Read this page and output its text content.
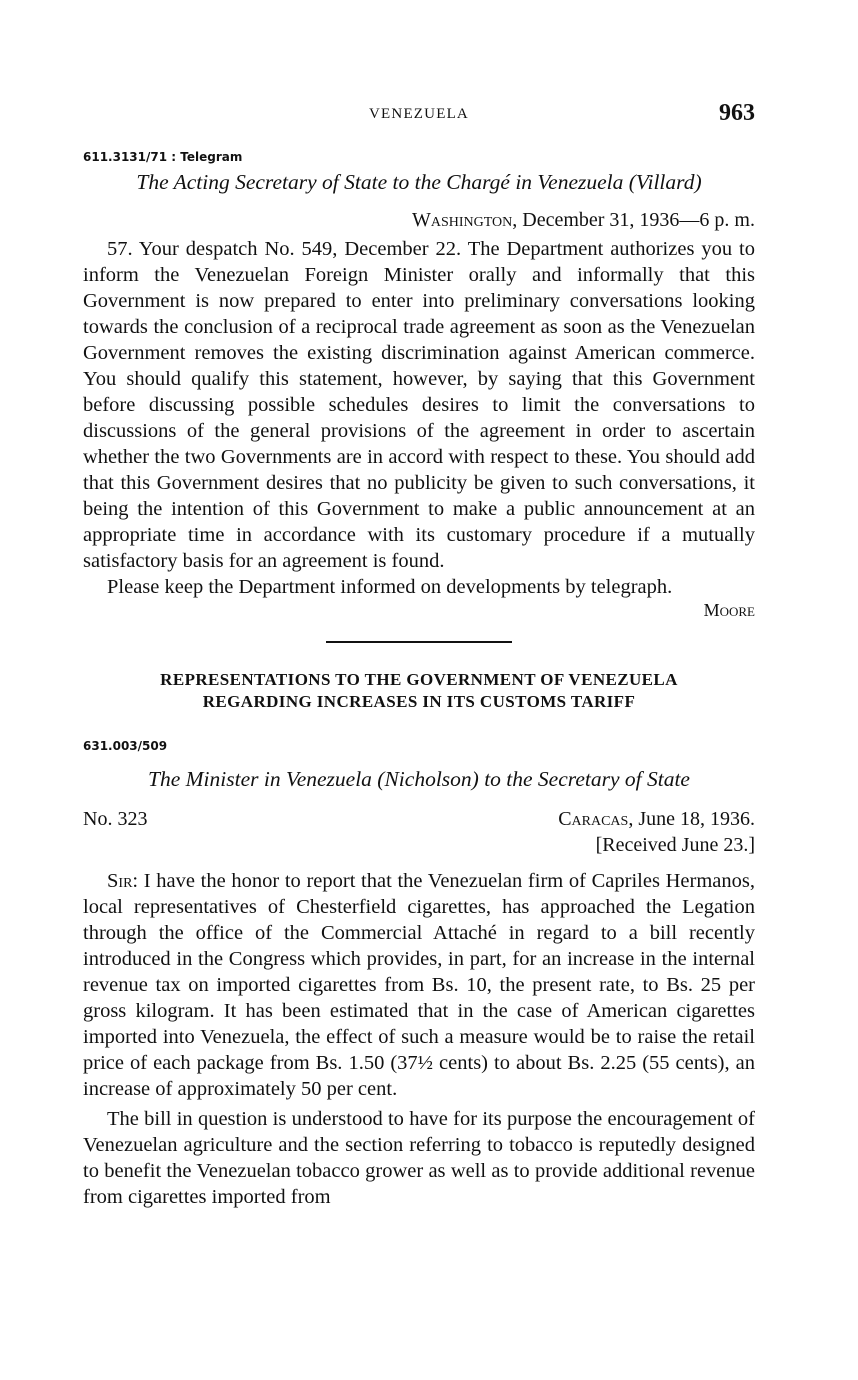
VENEZUELA	963
611.3131/71 : Telegram
The Acting Secretary of State to the Chargé in Venezuela (Villard)
Washington, December 31, 1936—6 p. m.

57. Your despatch No. 549, December 22. The Department authorizes you to inform the Venezuelan Foreign Minister orally and informally that this Government is now prepared to enter into preliminary conversations looking towards the conclusion of a reciprocal trade agreement as soon as the Venezuelan Government removes the existing discrimination against American commerce. You should qualify this statement, however, by saying that this Government before discussing possible schedules desires to limit the conversations to discussions of the general provisions of the agreement in order to ascertain whether the two Governments are in accord with respect to these. You should add that this Government desires that no publicity be given to such conversations, it being the intention of this Government to make a public announcement at an appropriate time in accordance with its customary procedure if a mutually satisfactory basis for an agreement is found.

Please keep the Department informed on developments by telegraph.

Moore
REPRESENTATIONS TO THE GOVERNMENT OF VENEZUELA
REGARDING INCREASES IN ITS CUSTOMS TARIFF
631.003/509
The Minister in Venezuela (Nicholson) to the Secretary of State
No. 323	Caracas, June 18, 1936.
[Received June 23.]

Sir: I have the honor to report that the Venezuelan firm of Capriles Hermanos, local representatives of Chesterfield cigarettes, has approached the Legation through the office of the Commercial Attaché in regard to a bill recently introduced in the Congress which provides, in part, for an increase in the internal revenue tax on imported cigarettes from Bs. 10, the present rate, to Bs. 25 per gross kilogram. It has been estimated that in the case of American cigarettes imported into Venezuela, the effect of such a measure would be to raise the retail price of each package from Bs. 1.50 (37½ cents) to about Bs. 2.25 (55 cents), an increase of approximately 50 per cent.

The bill in question is understood to have for its purpose the encouragement of Venezuelan agriculture and the section referring to tobacco is reputedly designed to benefit the Venezuelan tobacco grower as well as to provide additional revenue from cigarettes imported from
